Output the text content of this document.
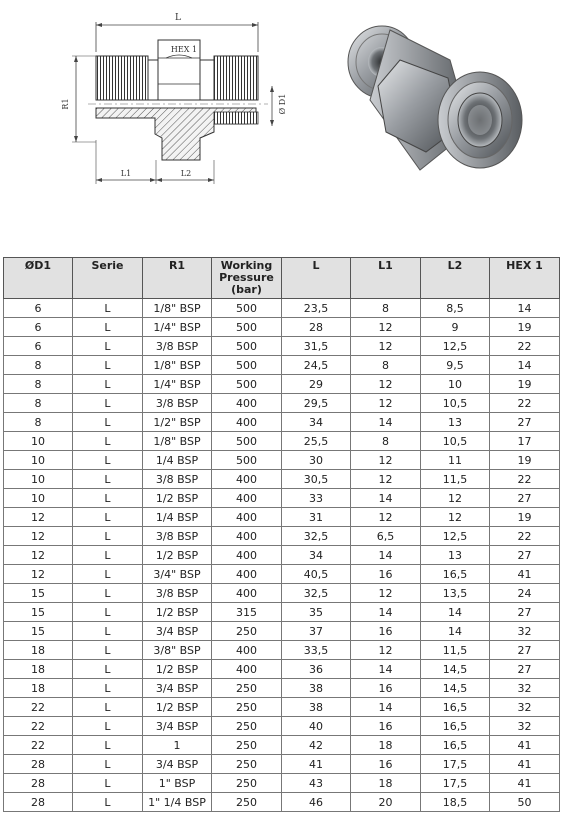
L
HEX 1
R1	Ø D1
L1	L2
ØD1	Serie	R1	Working Pressure (bar)	L	L1	L2	HEX 1
6	L	1/8" BSP	500	23,5	8	8,5	14
6	L	1/4" BSP	500	28	12	9	19
6	L	3/8 BSP	500	31,5	12	12,5	22
8	L	1/8" BSP	500	24,5	8	9,5	14
8	L	1/4" BSP	500	29	12	10	19
8	L	3/8 BSP	400	29,5	12	10,5	22
8	L	1/2" BSP	400	34	14	13	27
10	L	1/8" BSP	500	25,5	8	10,5	17
10	L	1/4 BSP	500	30	12	11	19
10	L	3/8 BSP	400	30,5	12	11,5	22
10	L	1/2 BSP	400	33	14	12	27
12	L	1/4 BSP	400	31	12	12	19
12	L	3/8 BSP	400	32,5	6,5	12,5	22
12	L	1/2 BSP	400	34	14	13	27
12	L	3/4" BSP	400	40,5	16	16,5	41
15	L	3/8 BSP	400	32,5	12	13,5	24
15	L	1/2 BSP	315	35	14	14	27
15	L	3/4 BSP	250	37	16	14	32
18	L	3/8" BSP	400	33,5	12	11,5	27
18	L	1/2 BSP	400	36	14	14,5	27
18	L	3/4 BSP	250	38	16	14,5	32
22	L	1/2 BSP	250	38	14	16,5	32
22	L	3/4 BSP	250	40	16	16,5	32
22	L	1	250	42	18	16,5	41
28	L	3/4 BSP	250	41	16	17,5	41
28	L	1" BSP	250	43	18	17,5	41
28	L	1" 1/4 BSP	250	46	20	18,5	50
